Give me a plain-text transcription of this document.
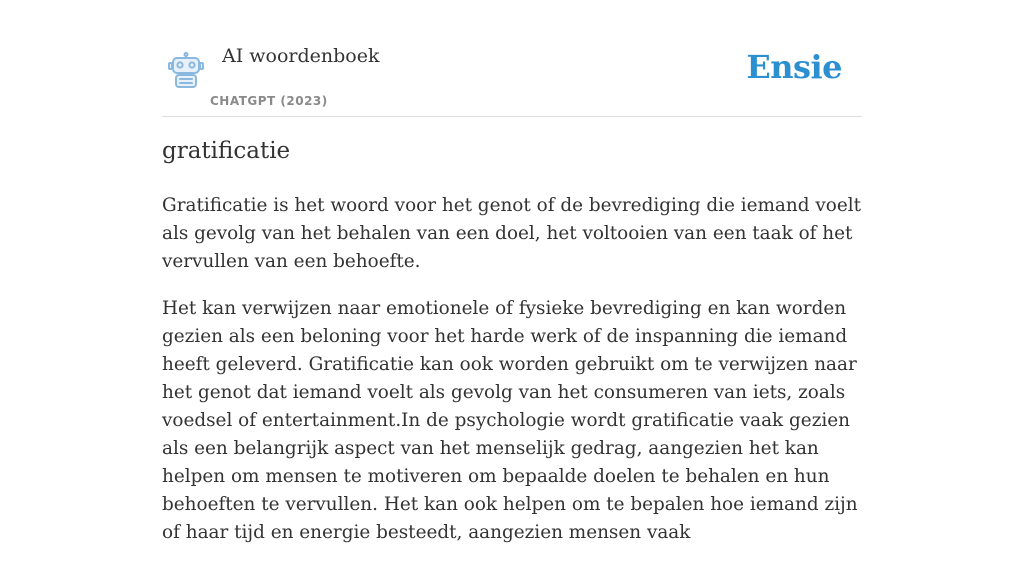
AI woordenboek
CHATGPT (2023)
Ensie
gratificatie

Gratificatie is het woord voor het genot of de bevrediging die iemand voelt als gevolg van het behalen van een doel, het voltooien van een taak of het vervullen van een behoefte.

Het kan verwijzen naar emotionele of fysieke bevrediging en kan worden gezien als een beloning voor het harde werk of de inspanning die iemand heeft geleverd. Gratificatie kan ook worden gebruikt om te verwijzen naar het genot dat iemand voelt als gevolg van het consumeren van iets, zoals voedsel of entertainment.In de psychologie wordt gratificatie vaak gezien als een belangrijk aspect van het menselijk gedrag, aangezien het kan helpen om mensen te motiveren om bepaalde doelen te behalen en hun behoeften te vervullen. Het kan ook helpen om te bepalen hoe iemand zijn of haar tijd en energie besteedt, aangezien mensen vaak
